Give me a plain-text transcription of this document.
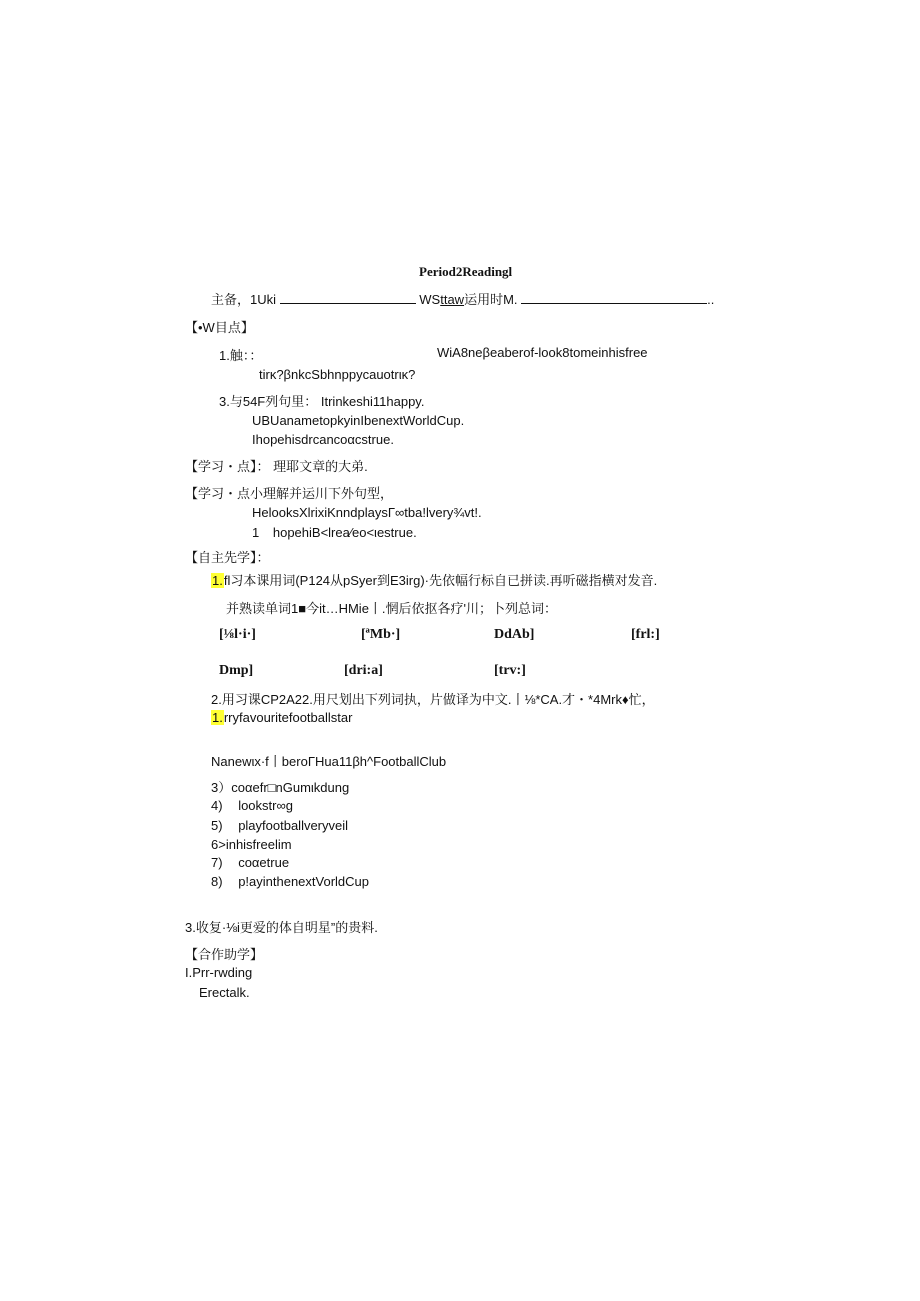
Period2Readingl
主备，1Uki	WSttaw运用时M.	..
【•W目点】
1.触：：	WiA8neβeaberof-look8tomeinhisfree
tirκ?βnkcSbhnppycauotrικ?
3.与54F列句里： Itrinkeshi11happy.
UBUanametopkyinIbenextWorldCup.
Ihopehisdrcancoαcstrue.
【学习・点】： 理耶文章的大弟.
【学习・点小理解并运川下外句型，
HelooksXlrixiKnndplaysΓ∞tba!lvery¾vt!.
1 hopehiB<lrea∕eo<ιestrue.
【自主先学】：
1.fl习本课用词(P124从pSyer到E3irg)·先依幅行标自已拼读.再听磁指横对发音.
并熟读单词1■今it…HMie丨.惘后依抠各疗'川；卜列总词：
[⅛l·i·]	[ªMb·]	DdAb]	[frl:]
Dmp]	[dri:a]	[trv:]
2.用习课CP2A22.用尺划出下列词执，片做译为中文.丨⅛*CA.才・*4Mrk♦忙，
1.rryfavouritefootballstar
Nanewιx·f丨beroΓHua11βh^FootballClub
3）coαefr□nGumιkdung
4) lookstr∞g
5) playfootballveryveil
6>inhisfreelim
7) coαetrue
8) p!ayinthenextVorldCup
3.收复·⅛i更爱的体自明星”的贵料.
【合作助学】
I.Prr-rwding
Erectalk.
